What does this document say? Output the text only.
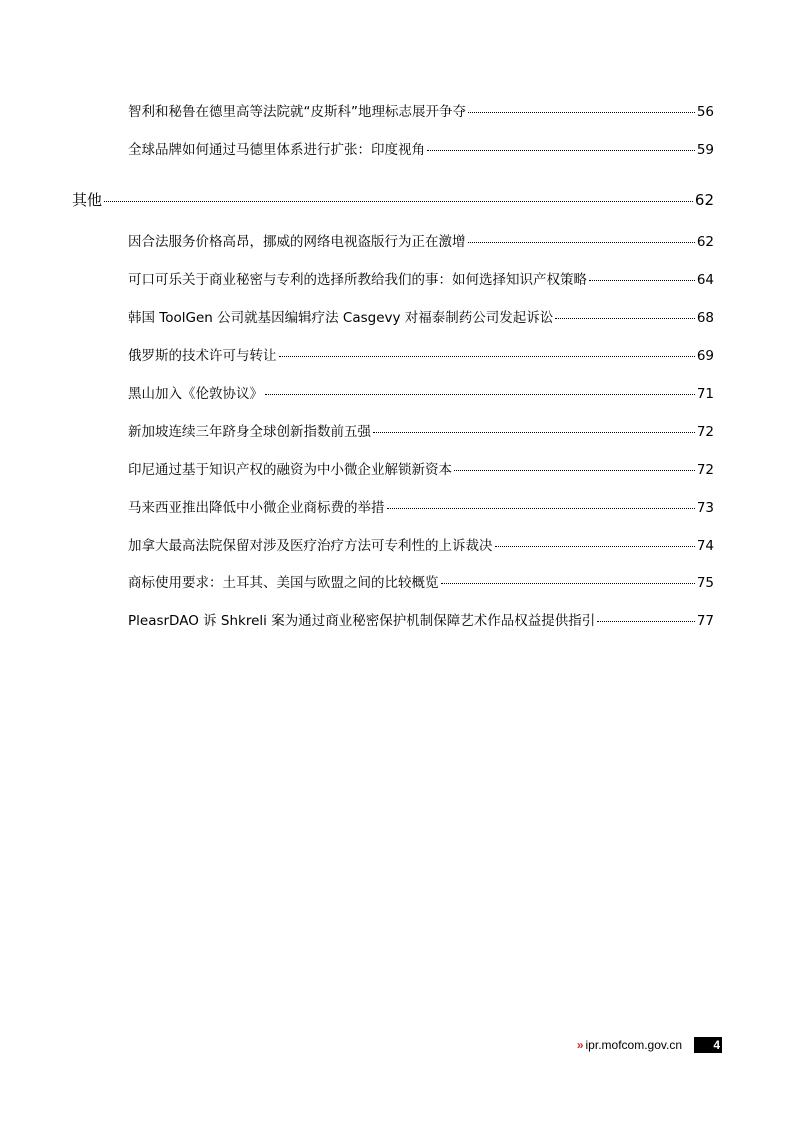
智利和秘鲁在德里高等法院就“皮斯科”地理标志展开争夺	56
全球品牌如何通过马德里体系进行扩张：印度视角	59
其他	62
因合法服务价格高昂，挪威的网络电视盗版行为正在激增	62
可口可乐关于商业秘密与专利的选择所教给我们的事：如何选择知识产权策略	64
韩国 ToolGen 公司就基因编辑疗法 Casgevy 对福泰制药公司发起诉讼	68
俄罗斯的技术许可与转让	69
黑山加入《伦敦协议》	71
新加坡连续三年跻身全球创新指数前五强	72
印尼通过基于知识产权的融资为中小微企业解锁新资本	72
马来西亚推出降低中小微企业商标费的举措	73
加拿大最高法院保留对涉及医疗治疗方法可专利性的上诉裁决	74
商标使用要求：土耳其、美国与欧盟之间的比较概览	75
PleasrDAO 诉 Shkreli 案为通过商业秘密保护机制保障艺术作品权益提供指引	77
» ipr.mofcom.gov.cn	4
